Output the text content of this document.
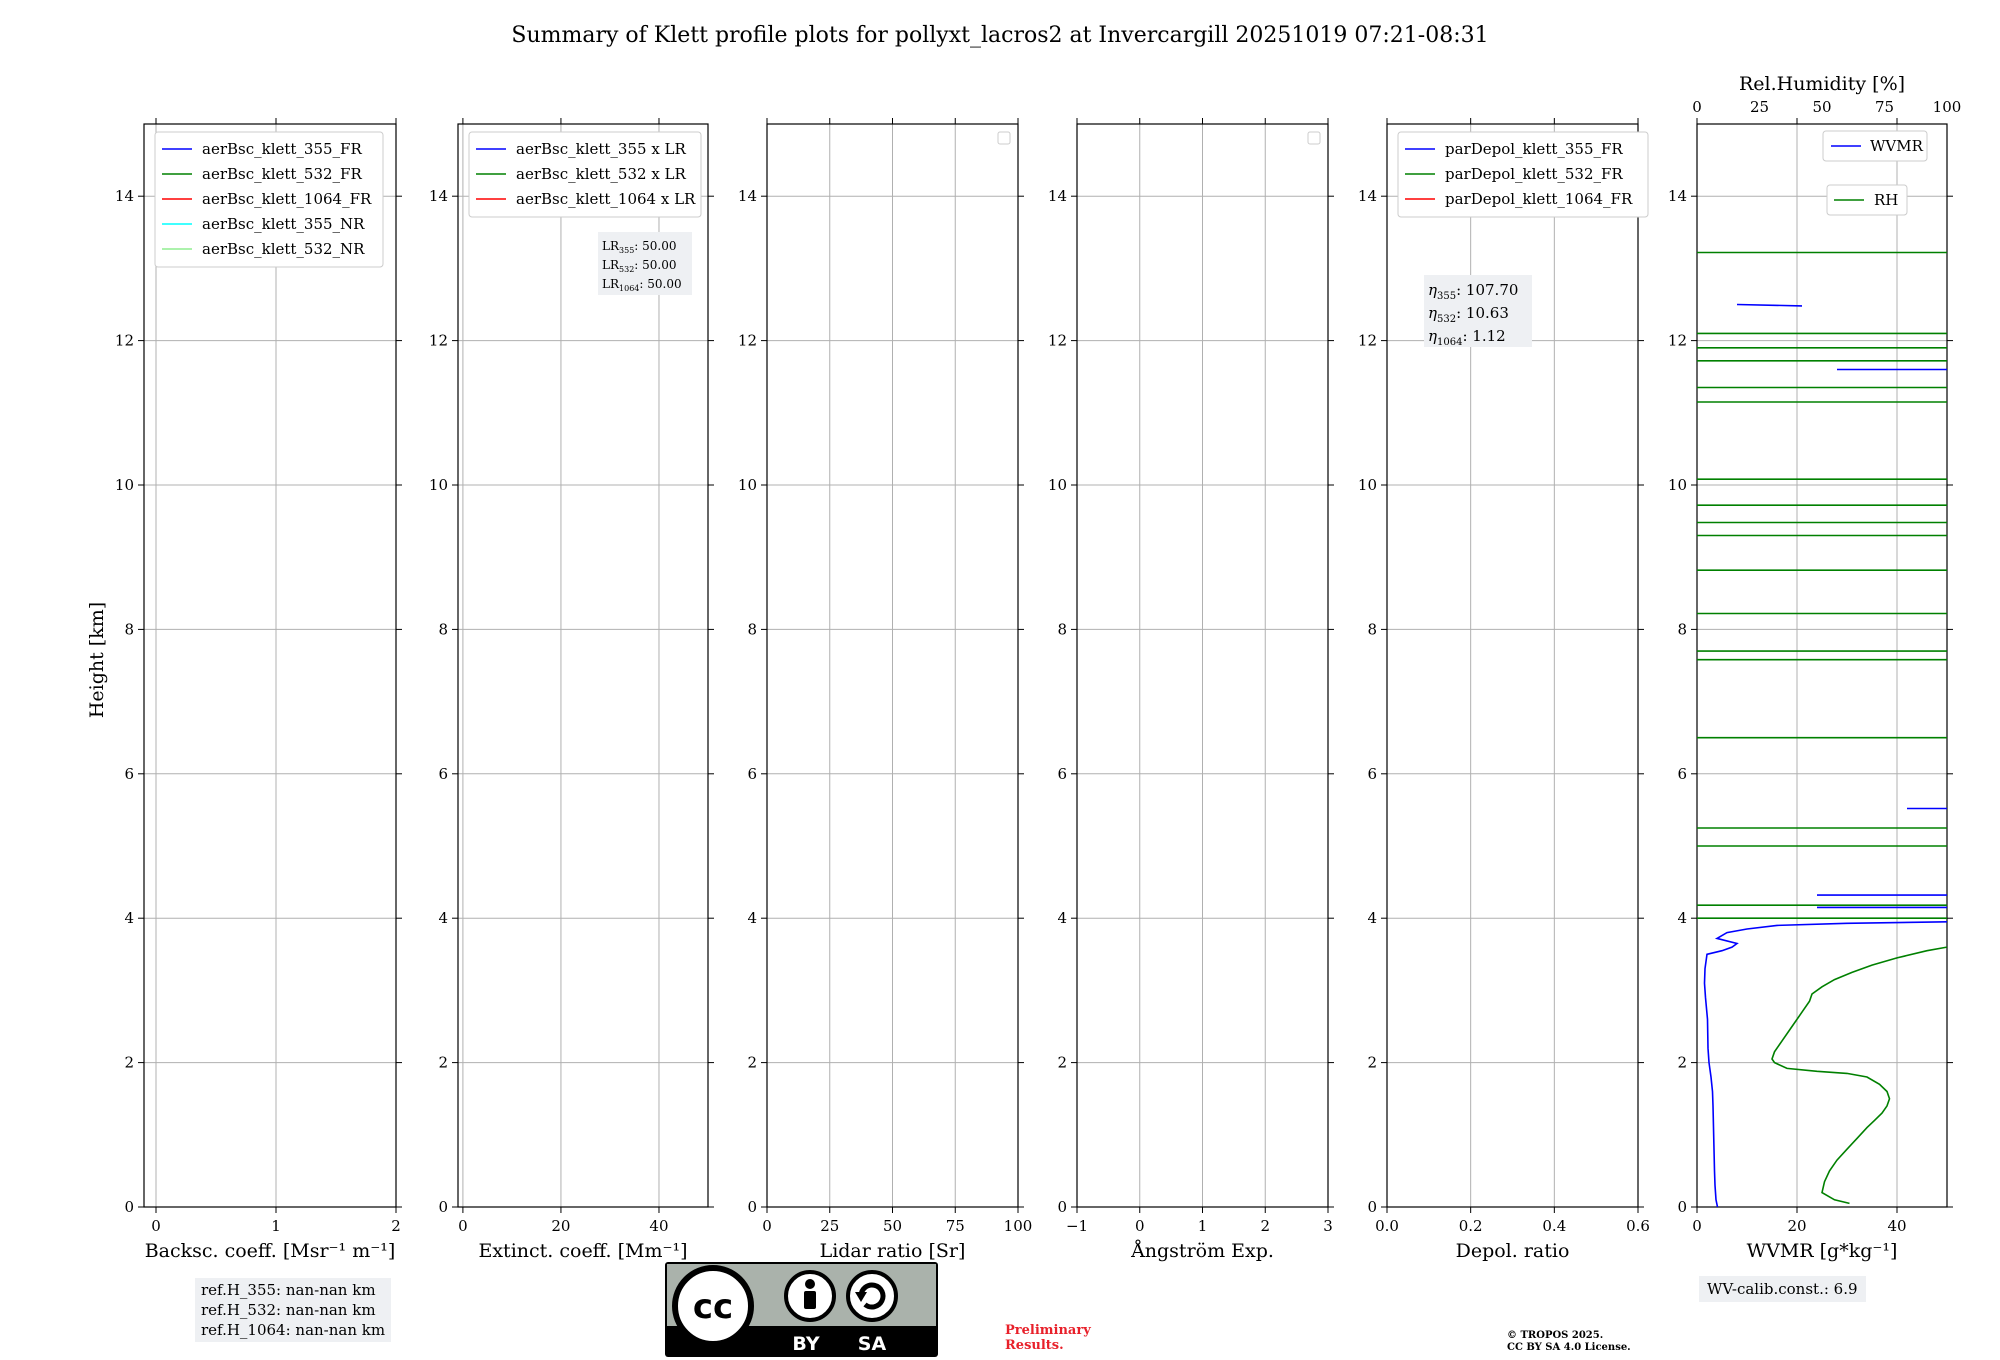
Summary of Klett profile plots for pollyxt_lacros2 at Invercargill 20251019 07:21-08:31
Height [km]
0	1	2
0
2
4
6
8
10
12
14
Backsc. coeff. [Msr⁻¹ m⁻¹]
aerBsc_klett_355_FR
aerBsc_klett_532_FR
aerBsc_klett_1064_FR
aerBsc_klett_355_NR
aerBsc_klett_532_NR
0	20	40
0
2
4
6
8
10
12
14
Extinct. coeff. [Mm⁻¹]
aerBsc_klett_355 x LR
aerBsc_klett_532 x LR
aerBsc_klett_1064 x LR
0	25	50	75	100
0
2
4
6
8
10
12
14
Lidar ratio [Sr]
−1	0	1	2	3
0
2
4
6
8
10
12
14
Ångström Exp.
0.0	0.2	0.4	0.6
0
2
4
6
8
10
12
14
Depol. ratio
parDepol_klett_355_FR
parDepol_klett_532_FR
parDepol_klett_1064_FR
0	20	40
0
2
4
6
8
10
12
14
WVMR [g*kg⁻¹]
0	25	50	75	100
Rel.Humidity [%]
WVMR
RH
$LR_{355}$: 50.00
$LR_{532}$: 50.00
$LR_{1064}$: 50.00	$\eta_{355}$: 107.70
$\eta_{532}$: 10.63
$\eta_{1064}$: 1.12
ref.H_355: nan-nan km
ref.H_532: nan-nan km
ref.H_1064: nan-nan km
WV-calib.const.: 6.9
cc
BY SA
Preliminary
Results.
© TROPOS 2025.
CC BY SA 4.0 License.
